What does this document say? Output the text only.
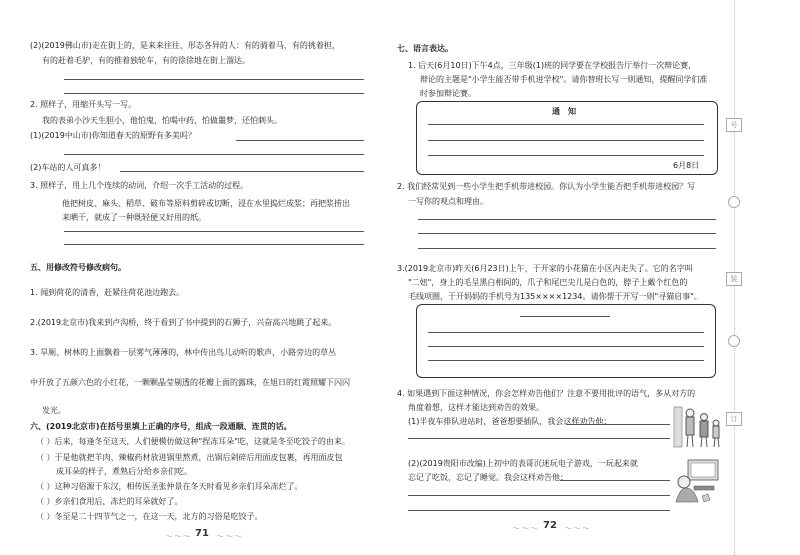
(2)(2019佛山市)走在街上的，是来来往往、形态各异的人：有的骑着马，有的挑着担，
有的赶着毛驴，有的推着独轮车，有的徐徐地在街上溜达。
2. 照样子，用缩开头写一写。
我的表弟小沙天生胆小，他怕鬼，怕喝中药，怕做噩梦，还怕刺头。
(1)(2019中山市)你知道春天的原野有多美吗？
(2)车站的人可真多！
3. 照样子，用上几个连续的动词，介绍一次手工活动的过程。
他把树皮、麻头、稻草、破布等原料剪碎或切断，浸在水里捣烂成浆；再把浆捞出
来晒干，就成了一种既轻便又好用的纸。
五、用修改符号修改病句。
1. 闻到荷花的清香，赶紧往荷花池边跑去。
2.(2019北京市)我来到卢沟桥，终于看到了书中提到的石狮子，兴奋高兴地跳了起来。
3. 旱厕、树林的上面飘着一层雾气薄薄的，林中传出鸟儿动听的歌声，小路旁边的草丛
中开放了五颜六色的小红花，一颗颗晶莹剔透的花瓣上面的露珠，在旭日的红霞照耀下闪闪
发光。
六、(2019北京市)在括号里填上正确的序号，组成一段通顺、连贯的话。
（ ）后来，每逢冬至这天，人们便模仿做这种"捏冻耳朵"吃，这就是冬至吃饺子的由来。
（ ）于是他就把羊肉、辣椒药材放进锅里熬煮，出锅后剁碎后用面皮包裹，再用面皮包
成耳朵的样子，煮熟后分给乡亲们吃。
（ ）这种习俗源于东汉，相传医圣张仲景在冬天时看见乡亲们耳朵冻烂了。
（ ）乡亲们食用后，冻烂的耳朵就好了。
（ ）冬至是二十四节气之一，在这一天，北方的习俗是吃饺子。
〜〜〜 71 〜〜〜
七、语言表达。
1. 后天(6月10日)下午4点，三年级(1)班的同学要在学校报告厅举行一次辩论赛，
辩论的主题是"小学生能否带手机进学校"。请你替班长写一则通知，提醒同学们准
时参加辩论赛。
通　知
6月8日
2. 我们经常见到一些小学生把手机带进校园。你认为小学生能否把手机带进校园？写
一写你的观点和理由。
3.(2019北京市)昨天(6月23日)上午，于开家的小花猫在小区内走失了。它的名字叫
"二妞"，身上的毛呈黑白相间的，爪子和尾巴尖儿是白色的，脖子上戴个红色的
毛线项圈，于开妈妈的手机号为135××××1234。请你帮于开写一则"寻猫启事"。
4. 如果遇到下面这种情况，你会怎样劝告他们？注意不要用批评的语气，多从对方的
角度着想，这样才能达到劝告的效果。
(1)半夜车排队进站时，爸爸想要插队，我会这样劝告他：
(2)(2019贵阳市改编)上初中的表哥沉迷玩电子游戏，一玩起来就
忘记了吃饭，忘记了睡觉。我会这样劝告他：
〜〜〜 72 〜〜〜
号
装
订
